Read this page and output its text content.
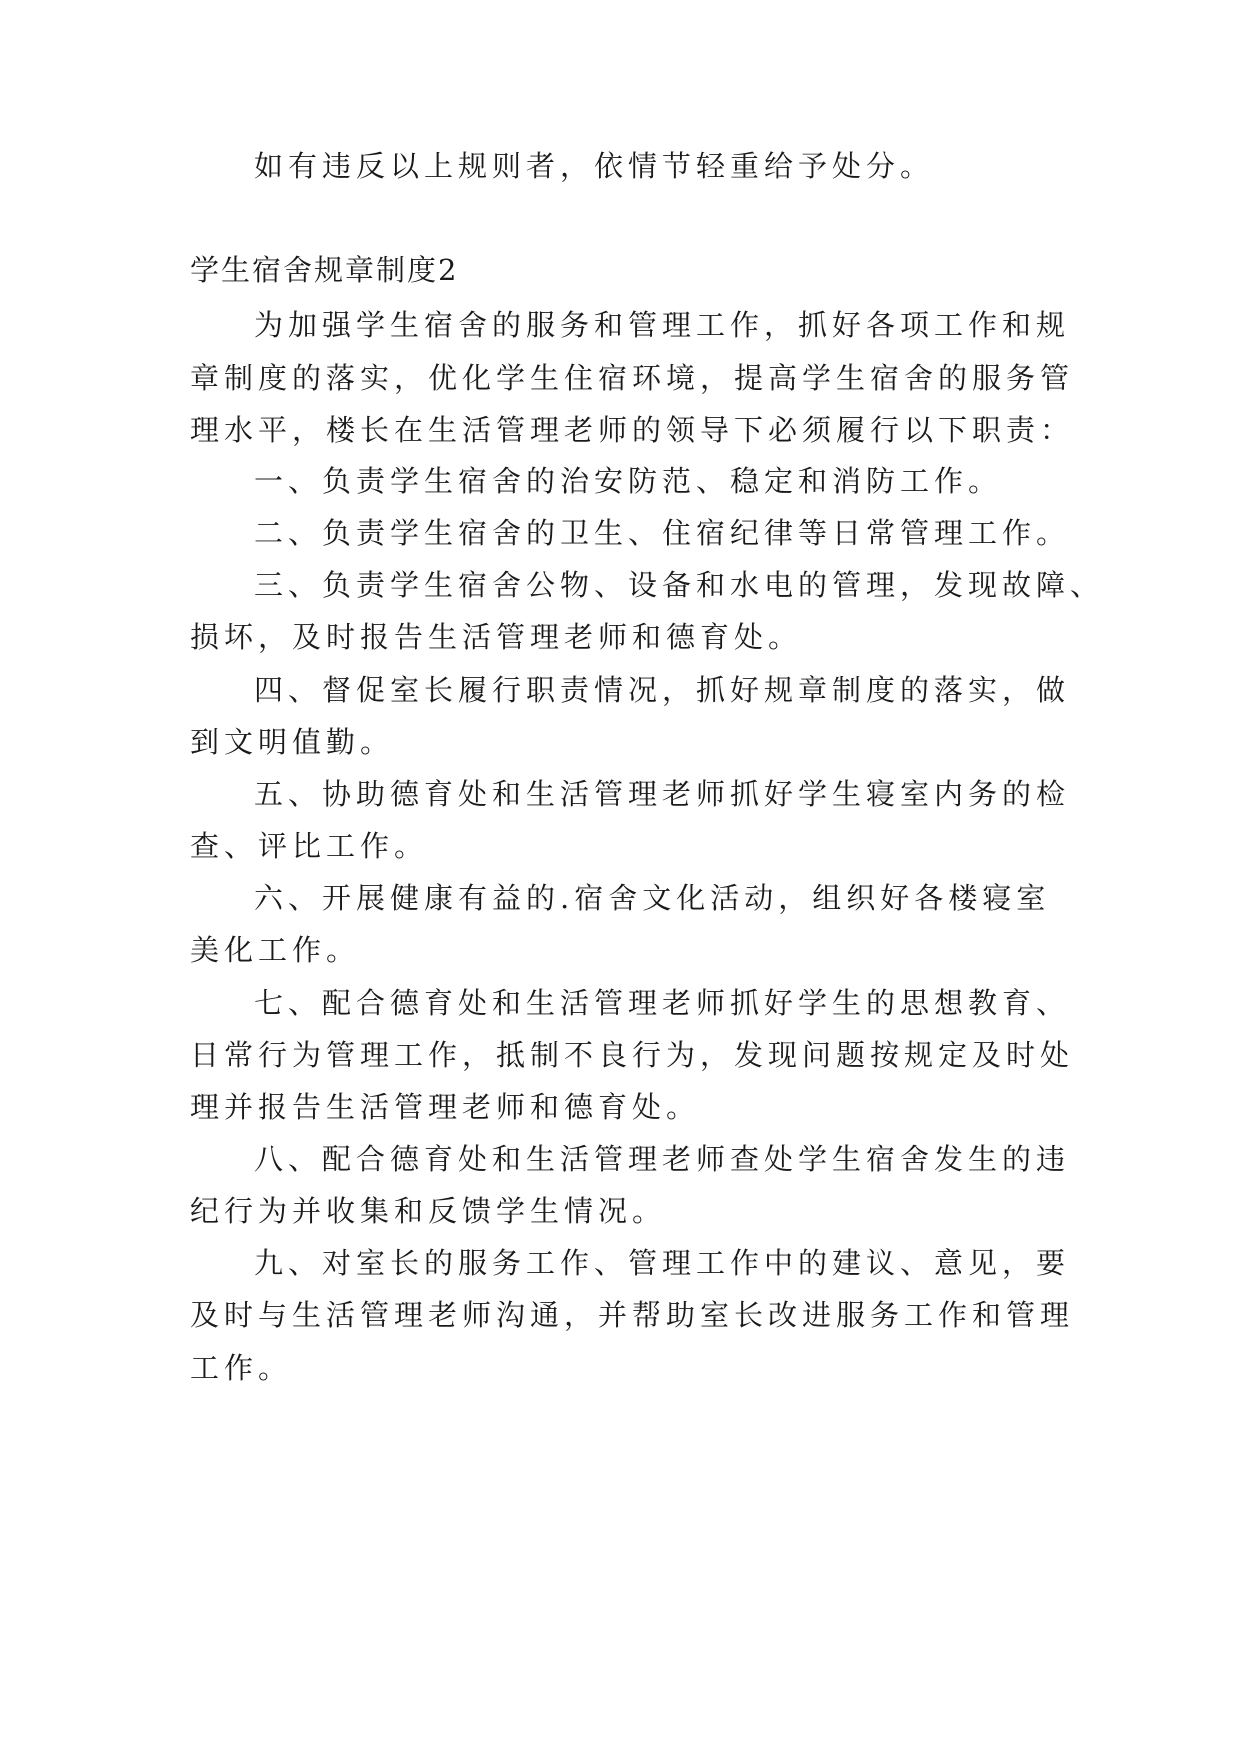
如有违反以上规则者，依情节轻重给予处分。
学生宿舍规章制度2
为加强学生宿舍的服务和管理工作，抓好各项工作和规
章制度的落实，优化学生住宿环境，提高学生宿舍的服务管
理水平，楼长在生活管理老师的领导下必须履行以下职责：
一、负责学生宿舍的治安防范、稳定和消防工作。
二、负责学生宿舍的卫生、住宿纪律等日常管理工作。
三、负责学生宿舍公物、设备和水电的管理，发现故障、
损坏，及时报告生活管理老师和德育处。
四、督促室长履行职责情况，抓好规章制度的落实，做
到文明值勤。
五、协助德育处和生活管理老师抓好学生寝室内务的检
查、评比工作。
六、开展健康有益的.宿舍文化活动，组织好各楼寝室
美化工作。
七、配合德育处和生活管理老师抓好学生的思想教育、
日常行为管理工作，抵制不良行为，发现问题按规定及时处
理并报告生活管理老师和德育处。
八、配合德育处和生活管理老师查处学生宿舍发生的违
纪行为并收集和反馈学生情况。
九、对室长的服务工作、管理工作中的建议、意见，要
及时与生活管理老师沟通，并帮助室长改进服务工作和管理
工作。
